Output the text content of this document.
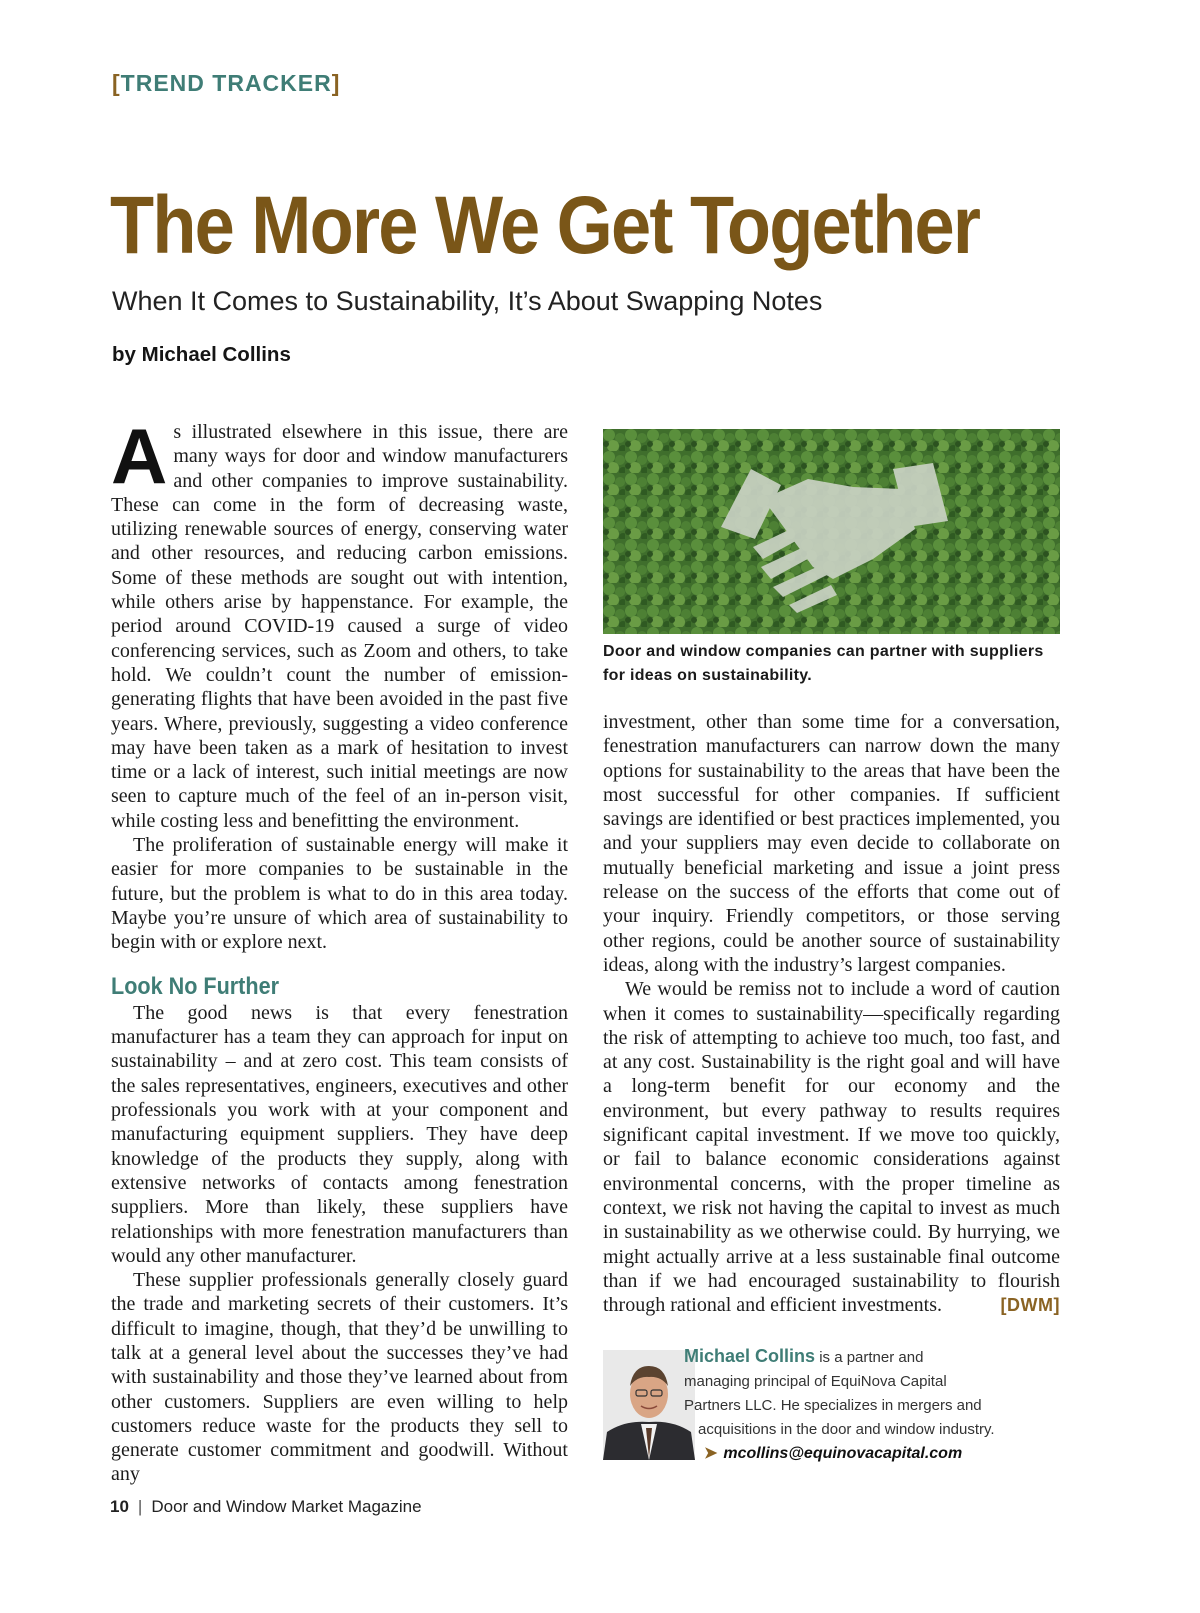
[TREND TRACKER]
The More We Get Together
When It Comes to Sustainability, It’s About Swapping Notes
by Michael Collins

As illustrated elsewhere in this issue, there are many ways for door and window manufacturers and other companies to improve sustainability. These can come in the form of decreasing waste, utilizing renewable sources of energy, conserving water and other resources, and reducing carbon emissions. Some of these methods are sought out with intention, while others arise by happenstance. For example, the period around COVID-19 caused a surge of video conferencing services, such as Zoom and others, to take hold. We couldn’t count the number of emission-generating flights that have been avoided in the past five years. Where, previously, suggesting a video conference may have been taken as a mark of hesitation to invest time or a lack of interest, such initial meetings are now seen to capture much of the feel of an in-person visit, while costing less and benefitting the environment.

The proliferation of sustainable energy will make it easier for more companies to be sustainable in the future, but the problem is what to do in this area today. Maybe you’re unsure of which area of sustainability to begin with or explore next.

Look No Further

The good news is that every fenestration manufacturer has a team they can approach for input on sustainability – and at zero cost. This team consists of the sales representatives, engineers, executives and other professionals you work with at your component and manufacturing equipment suppliers. They have deep knowledge of the products they supply, along with extensive networks of contacts among fenestration suppliers. More than likely, these suppliers have relationships with more fenestration manufacturers than would any other manufacturer.

These supplier professionals generally closely guard the trade and marketing secrets of their customers. It’s difficult to imagine, though, that they’d be unwilling to talk at a general level about the successes they’ve had with sustainability and those they’ve learned about from other customers. Suppliers are even willing to help customers reduce waste for the products they sell to generate customer commitment and goodwill. Without any

Door and window companies can partner with suppliers for ideas on sustainability.

investment, other than some time for a conversation, fenestration manufacturers can narrow down the many options for sustainability to the areas that have been the most successful for other companies. If sufficient savings are identified or best practices implemented, you and your suppliers may even decide to collaborate on mutually beneficial marketing and issue a joint press release on the success of the efforts that come out of your inquiry. Friendly competitors, or those serving other regions, could be another source of sustainability ideas, along with the industry’s largest companies.

We would be remiss not to include a word of caution when it comes to sustainability—specifically regarding the risk of attempting to achieve too much, too fast, and at any cost. Sustainability is the right goal and will have a long-term benefit for our economy and the environment, but every pathway to results requires significant capital investment. If we move too quickly, or fail to balance economic considerations against environmental concerns, with the proper timeline as context, we risk not having the capital to invest as much in sustainability as we otherwise could. By hurrying, we might actually arrive at a less sustainable final outcome than if we had encouraged sustainability to flourish through rational and efficient investments.	[DWM]

Michael Collins is a partner and
managing principal of EquiNova Capital
Partners LLC. He specializes in mergers and
acquisitions in the door and window industry.
➤ mcollins@equinovacapital.com
10 | Door and Window Market Magazine
